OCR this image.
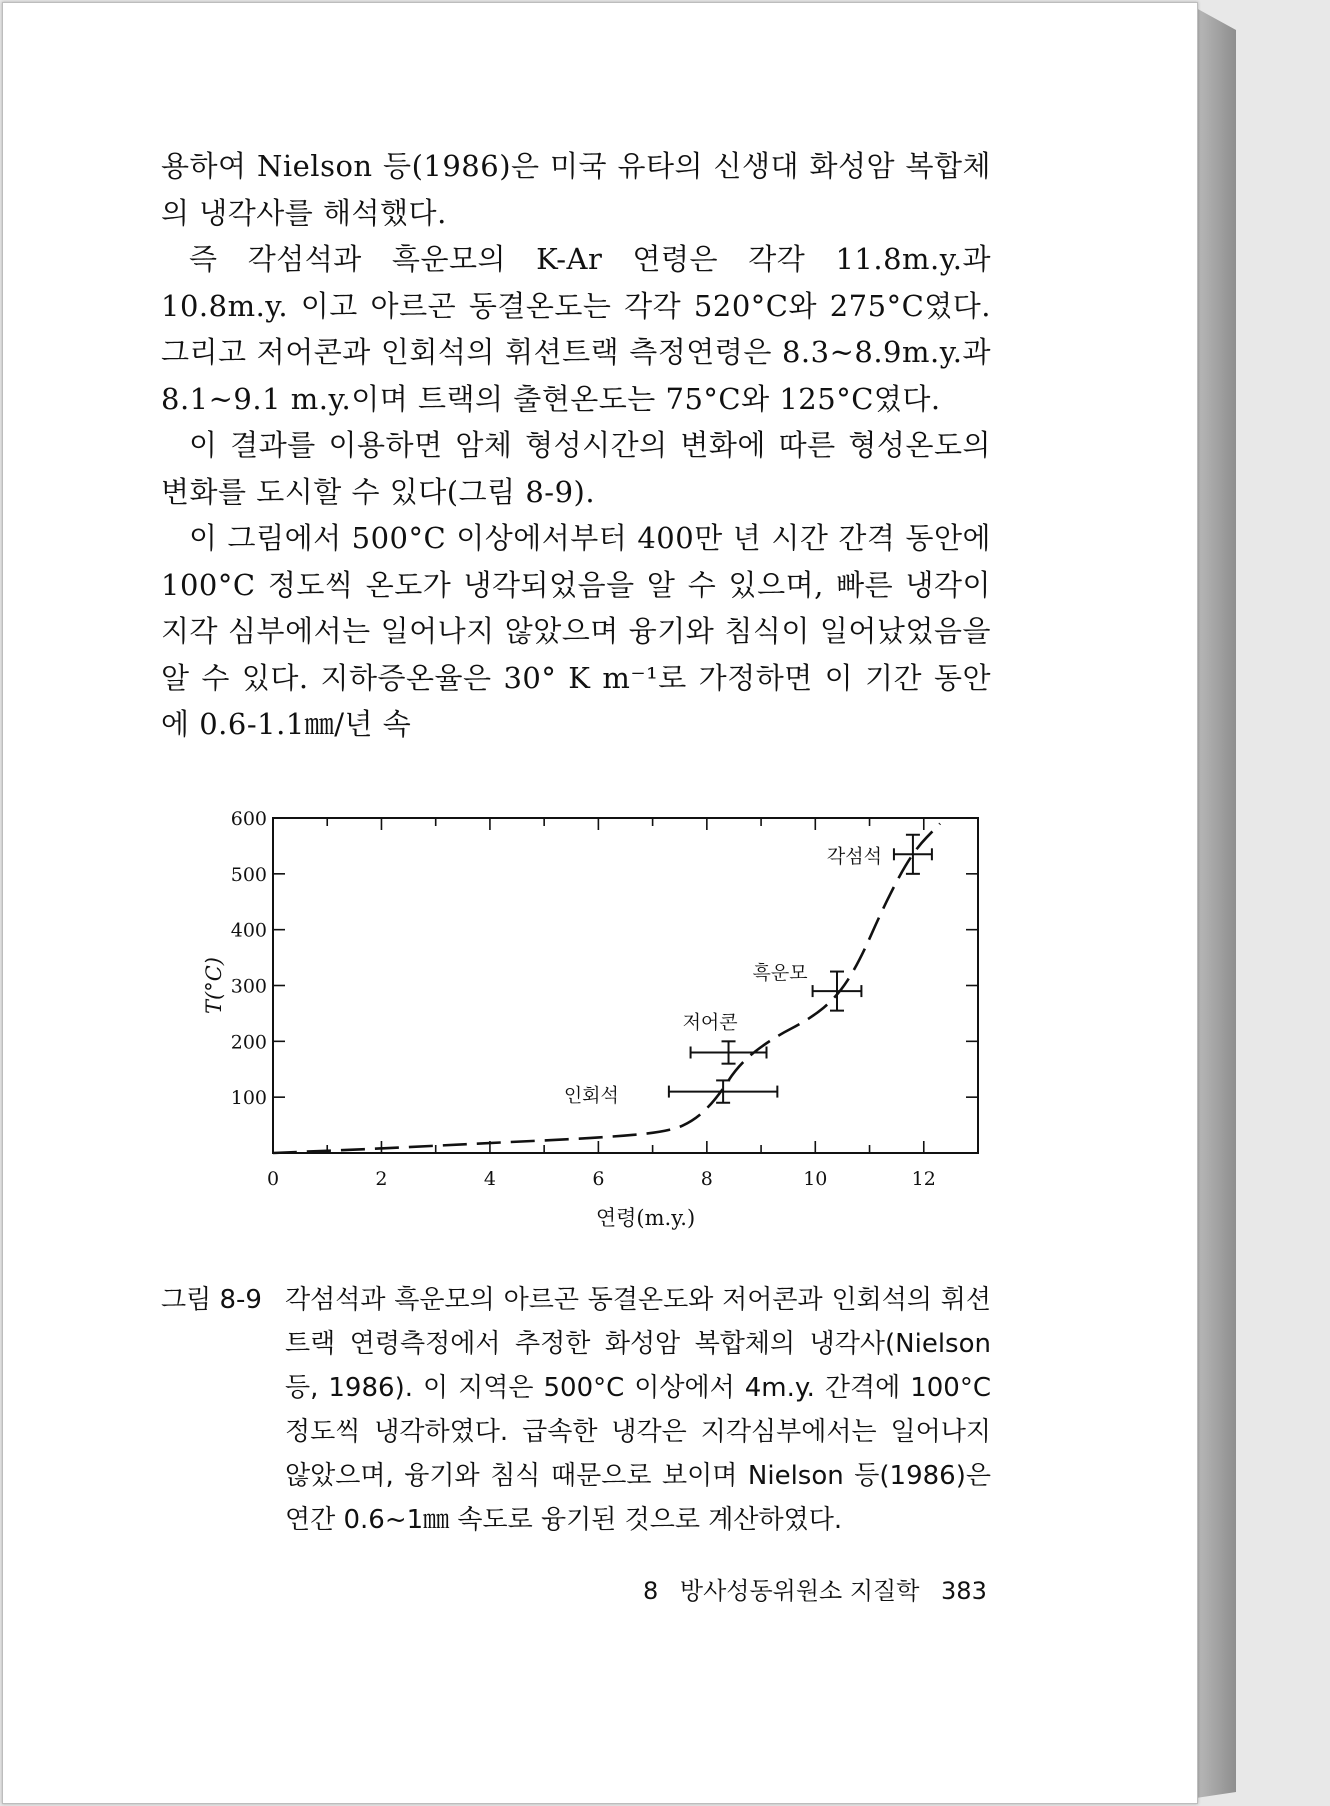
용하여 Nielson 등(1986)은 미국 유타의 신생대 화성암 복합체의 냉각사를 해석했다.

즉 각섬석과 흑운모의 K-Ar 연령은 각각 11.8m.y.과 10.8m.y. 이고 아르곤 동결온도는 각각 520°C와 275°C였다. 그리고 저어콘과 인회석의 휘션트랙 측정연령은 8.3~8.9m.y.과 8.1~9.1 m.y.이며 트랙의 출현온도는 75°C와 125°C였다.

이 결과를 이용하면 암체 형성시간의 변화에 따른 형성온도의 변화를 도시할 수 있다(그림 8-9).

이 그림에서 500°C 이상에서부터 400만 년 시간 간격 동안에 100°C 정도씩 온도가 냉각되었음을 알 수 있으며, 빠른 냉각이 지각 심부에서는 일어나지 않았으며 융기와 침식이 일어났었음을 알 수 있다. 지하증온율은 30° K m⁻¹로 가정하면 이 기간 동안에 0.6-1.1㎜/년 속

0	2	4	6	8	10	12
100
200
300
400
500
600
연령(m.y.)
T(°C)
각섬석
흑운모
저어콘
인회석
그림 8-9 각섬석과 흑운모의 아르곤 동결온도와 저어콘과 인회석의 휘션트랙 연령측정에서 추정한 화성암 복합체의 냉각사(Nielson등, 1986). 이 지역은 500°C 이상에서 4m.y. 간격에 100°C 정도씩 냉각하였다. 급속한 냉각은 지각심부에서는 일어나지 않았으며, 융기와 침식 때문으로 보이며 Nielson 등(1986)은 연간 0.6~1㎜ 속도로 융기된 것으로 계산하였다.
8 방사성동위원소 지질학 383
